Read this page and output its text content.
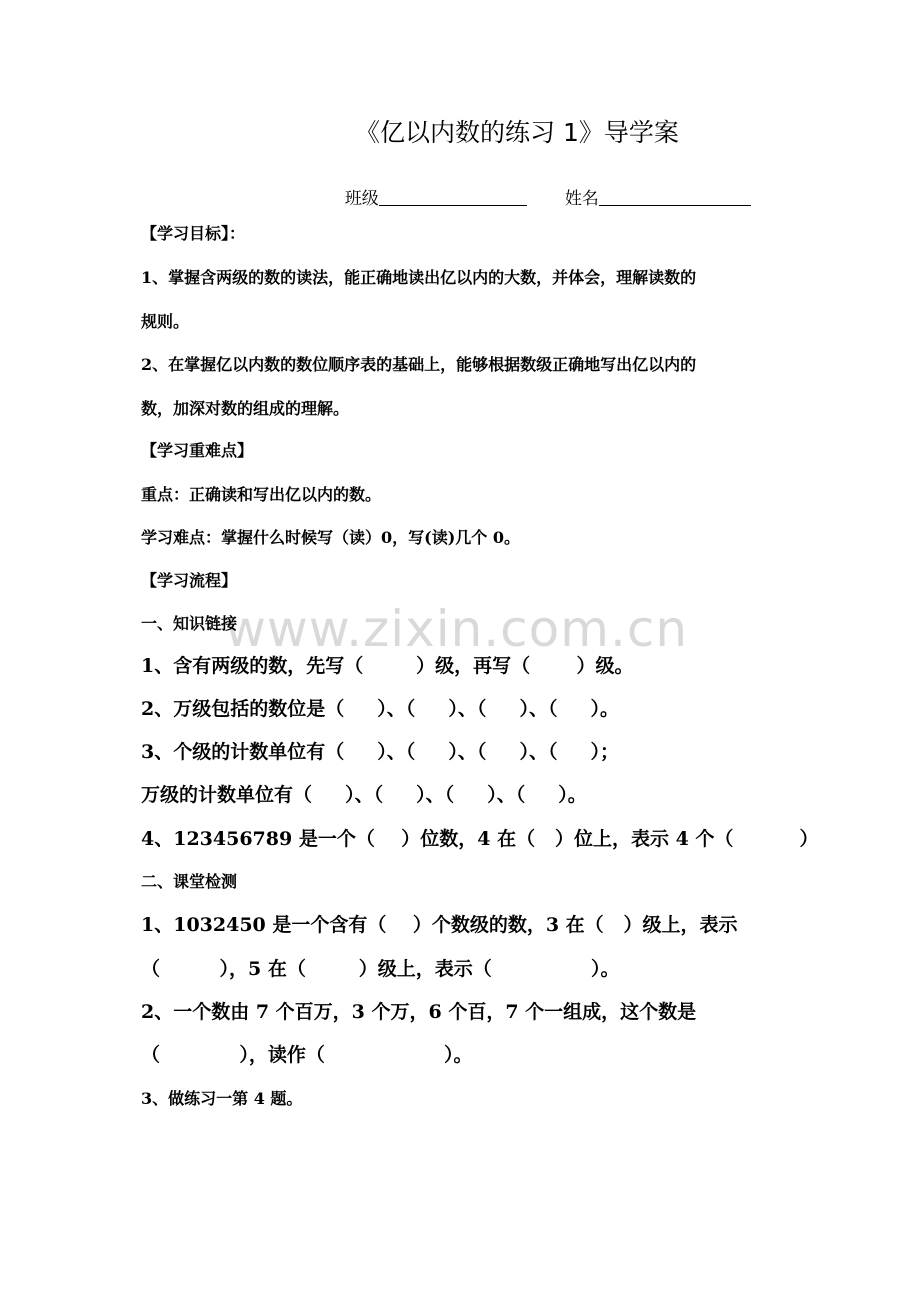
www.zixin.com.cn
《亿以内数的练习 1》导学案

班级	姓名

【学习目标】：
1、掌握含两级的数的读法，能正确地读出亿以内的大数，并体会，理解读数的
规则。
2、在掌握亿以内数的数位顺序表的基础上，能够根据数级正确地写出亿以内的
数，加深对数的组成的理解。
【学习重难点】
重点：正确读和写出亿以内的数。
学习难点：掌握什么时候写（读）0，写(读)几个 0。
【学习流程】
一、知识链接
1、含有两级的数，先写（        ）级，再写（       ）级。
2、万级包括的数位是（     ）、（     ）、（     ）、（     ）。
3、个级的计数单位有（     ）、（     ）、（     ）、（     ）；
万级的计数单位有（     ）、（     ）、（     ）、（     ）。
4、123456789 是一个（    ）位数，4 在（   ）位上，表示 4 个（          ）
二、课堂检测
1、1032450 是一个含有（    ）个数级的数，3 在（   ）级上，表示
（         ），5 在（        ）级上，表示（               ）。
2、一个数由 7 个百万，3 个万，6 个百，7 个一组成，这个数是
（            ），读作（                  ）。
3、做练习一第 4 题。
